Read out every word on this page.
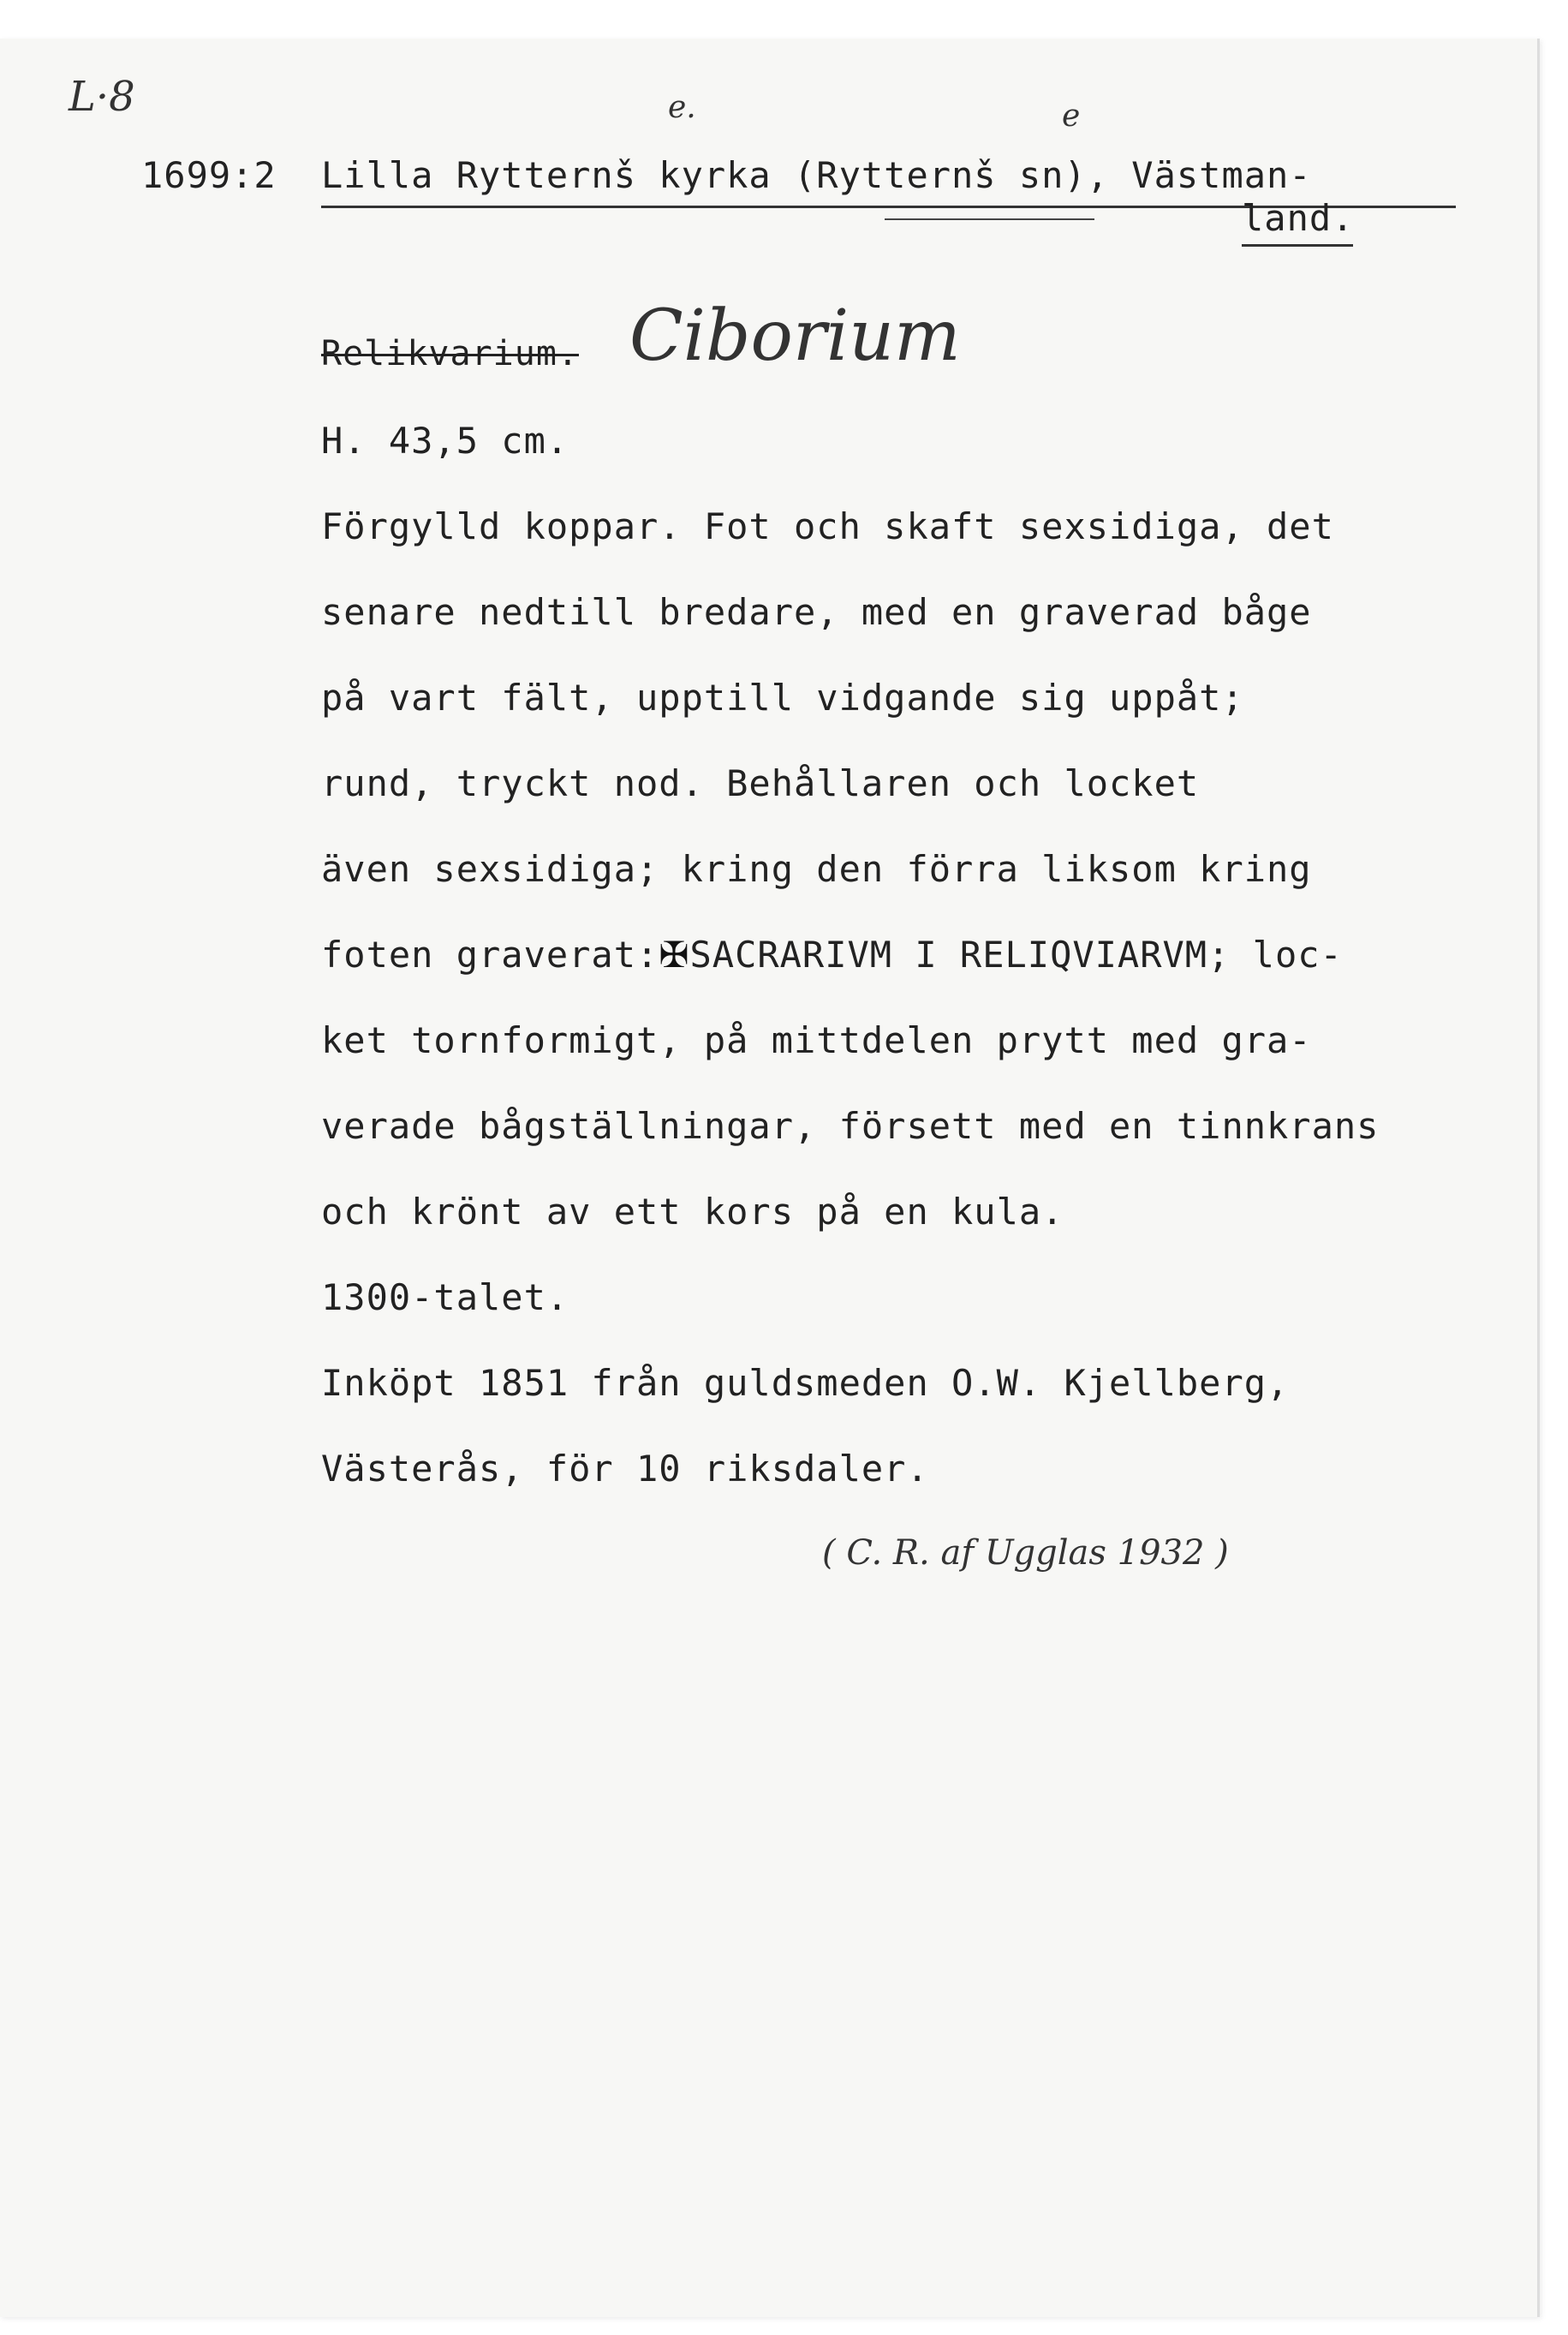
L·8	e.	e
1699:2 Lilla Rytternš kyrka (Rytternš sn), Västman-
land.
Relikvarium. Ciborium
H. 43,5 cm.
Förgylld koppar. Fot och skaft sexsidiga, det
senare nedtill bredare, med en graverad båge
på vart fält, upptill vidgande sig uppåt;
rund, tryckt nod. Behållaren och locket
även sexsidiga; kring den förra liksom kring
foten graverat:✠SACRARIVM I RELIQVIARVM; loc-
ket tornformigt, på mittdelen prytt med gra-
verade bågställningar, försett med en tinnkrans
och krönt av ett kors på en kula.
1300-talet.
Inköpt 1851 från guldsmeden O.W. Kjellberg,
Västerås, för 10 riksdaler.
( C. R. af Ugglas 1932 )
